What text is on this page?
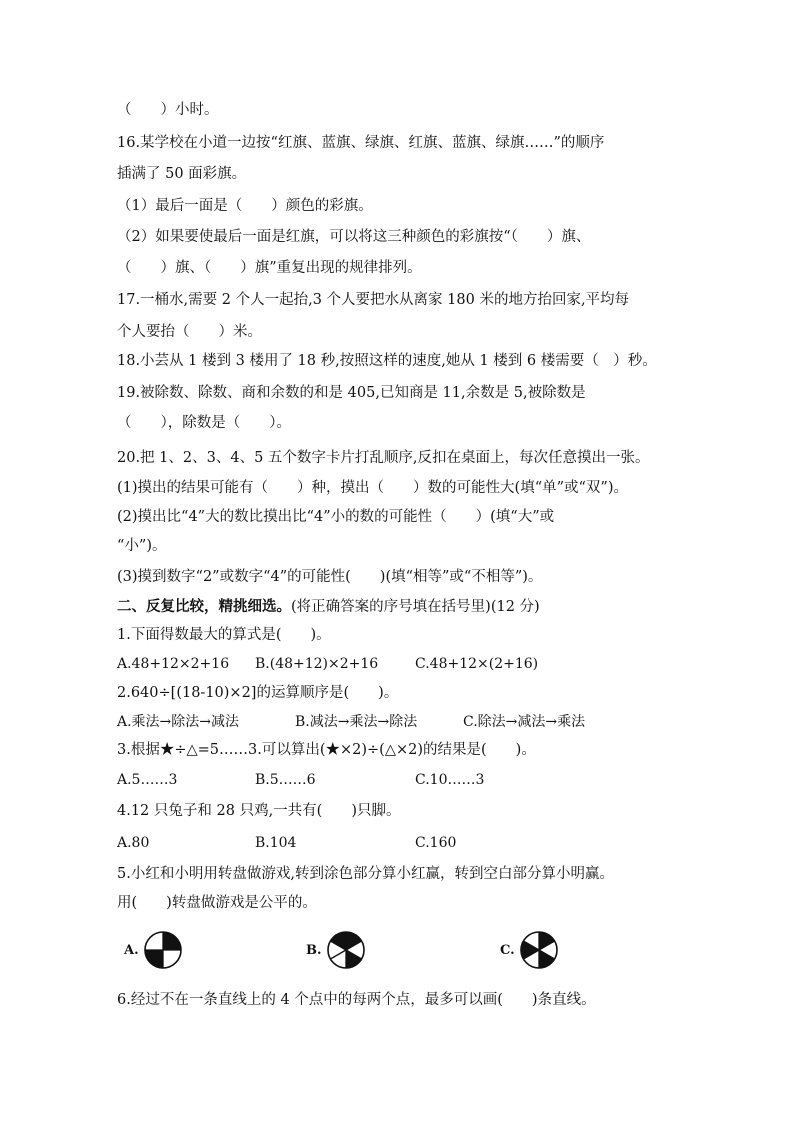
（　　）小时。
16.某学校在小道一边按“红旗、蓝旗、绿旗、红旗、蓝旗、绿旗……”的顺序
插满了 50 面彩旗。
（1）最后一面是（　　）颜色的彩旗。
（2）如果要使最后一面是红旗，可以将这三种颜色的彩旗按“（　　）旗、
（　　）旗、（　　）旗”重复出现的规律排列。
17.一桶水,需要 2 个人一起抬,3 个人要把水从离家 180 米的地方抬回家,平均每
个人要抬（　　）米。
18.小芸从 1 楼到 3 楼用了 18 秒,按照这样的速度,她从 1 楼到 6 楼需要（　）秒。
19.被除数、除数、商和余数的和是 405,已知商是 11,余数是 5,被除数是
（　　），除数是（　　）。
20.把 1、2、3、4、5 五个数字卡片打乱顺序,反扣在桌面上，每次任意摸出一张。
(1)摸出的结果可能有（　　）种，摸出（　　）数的可能性大(填“单”或“双”)。
(2)摸出比“4”大的数比摸出比“4”小的数的可能性（　　）(填“大”或
“小”)。
(3)摸到数字“2”或数字“4”的可能性(　　)(填“相等”或“不相等”)。
二、反复比较，精挑细选。(将正确答案的序号填在括号里)(12 分)
1.下面得数最大的算式是(　　)。
A.48+12×2+16 B.(48+12)×2+16	C.48+12×(2+16)
2.640÷[(18-10)×2]的运算顺序是(　　)。
A.乘法→除法→减法	B.减法→乘法→除法	C.除法→减法→乘法
3.根据★÷△=5……3.可以算出(★×2)÷(△×2)的结果是(　　)。
A.5……3	B.5……6	C.10……3
4.12 只兔子和 28 只鸡,一共有(　　)只脚。
A.80	B.104	C.160
5.小红和小明用转盘做游戏,转到涂色部分算小红赢，转到空白部分算小明赢。
用(　　)转盘做游戏是公平的。
A.	B.	C.
6.经过不在一条直线上的 4 个点中的每两个点，最多可以画(　　)条直线。
